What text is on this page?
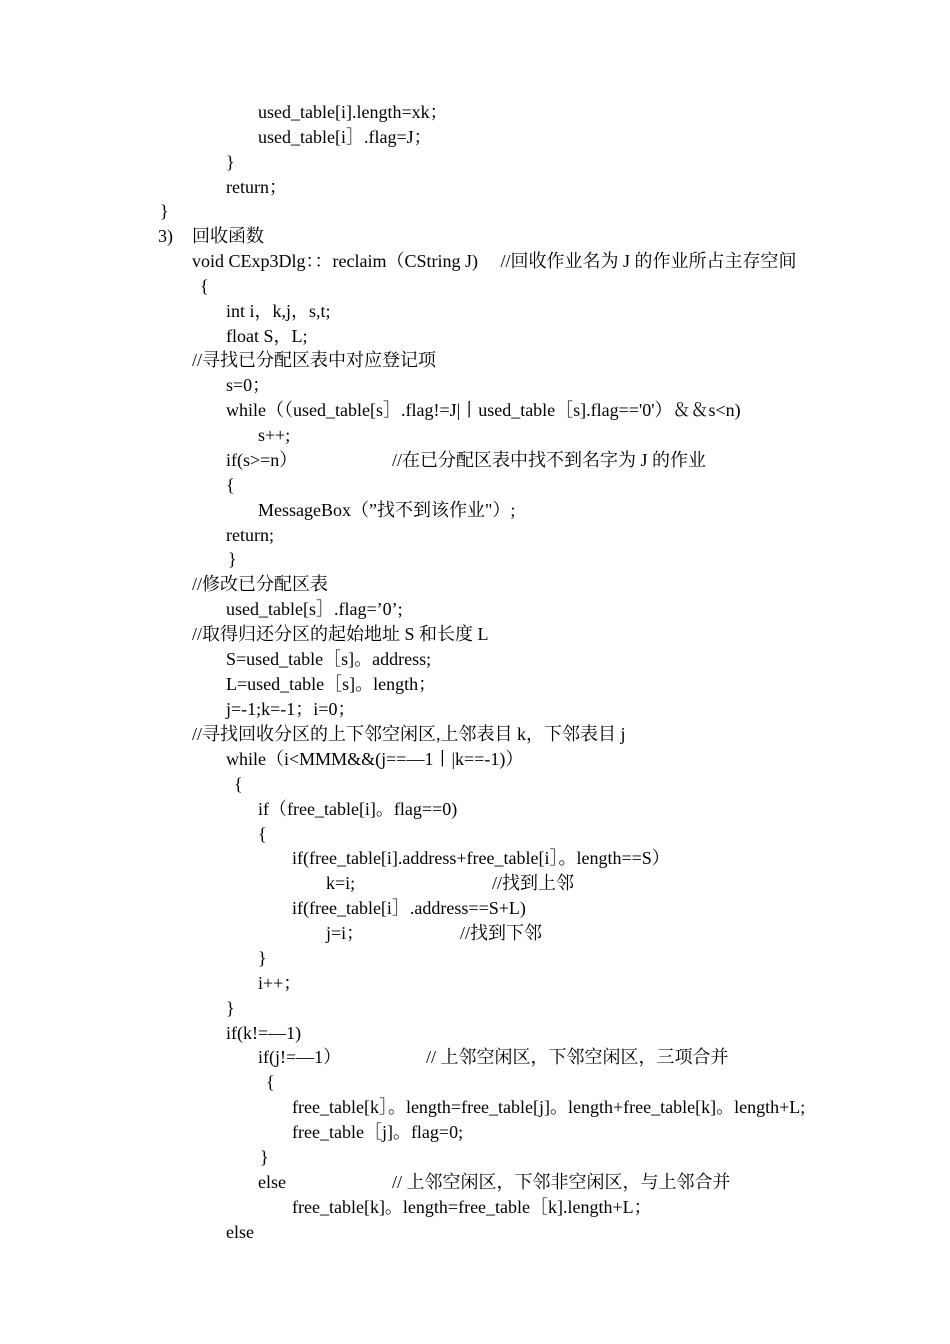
used_table[i].length=xk；
used_table[i］.flag=J；
}
return；
}
3) 回收函数
void CExp3Dlg：：reclaim（CString J)     //回收作业名为 J 的作业所占主存空间
{
int i，k,j，s,t;
float S，L;
//寻找已分配区表中对应登记项
s=0；
while（（used_table[s］.flag!=J|丨used_table［s].flag=='0'）＆＆s<n)
s++;
if(s>=n）	//在已分配区表中找不到名字为 J 的作业
{
MessageBox（”找不到该作业"）;
return;
}
//修改已分配区表
used_table[s］.flag=’0’;
//取得归还分区的起始地址 S 和长度 L
S=used_table［s]。address;
L=used_table［s]。length；
j=-1;k=-1；i=0；
//寻找回收分区的上下邻空闲区,上邻表目 k，下邻表目 j
while（i<MMM&&(j==—1丨|k==-1)）
{
if（free_table[i]。flag==0)
{
if(free_table[i].address+free_table[i］。length==S）
k=i;	//找到上邻
if(free_table[i］.address==S+L)
j=i；	//找到下邻
}
i++；
}
if(k!=—1)
if(j!=—1）	// 上邻空闲区，下邻空闲区，三项合并
{
free_table[k］。length=free_table[j]。length+free_table[k]。length+L;
free_table［j]。flag=0;
}
else	// 上邻空闲区，下邻非空闲区，与上邻合并
free_table[k]。length=free_table［k].length+L；
else
